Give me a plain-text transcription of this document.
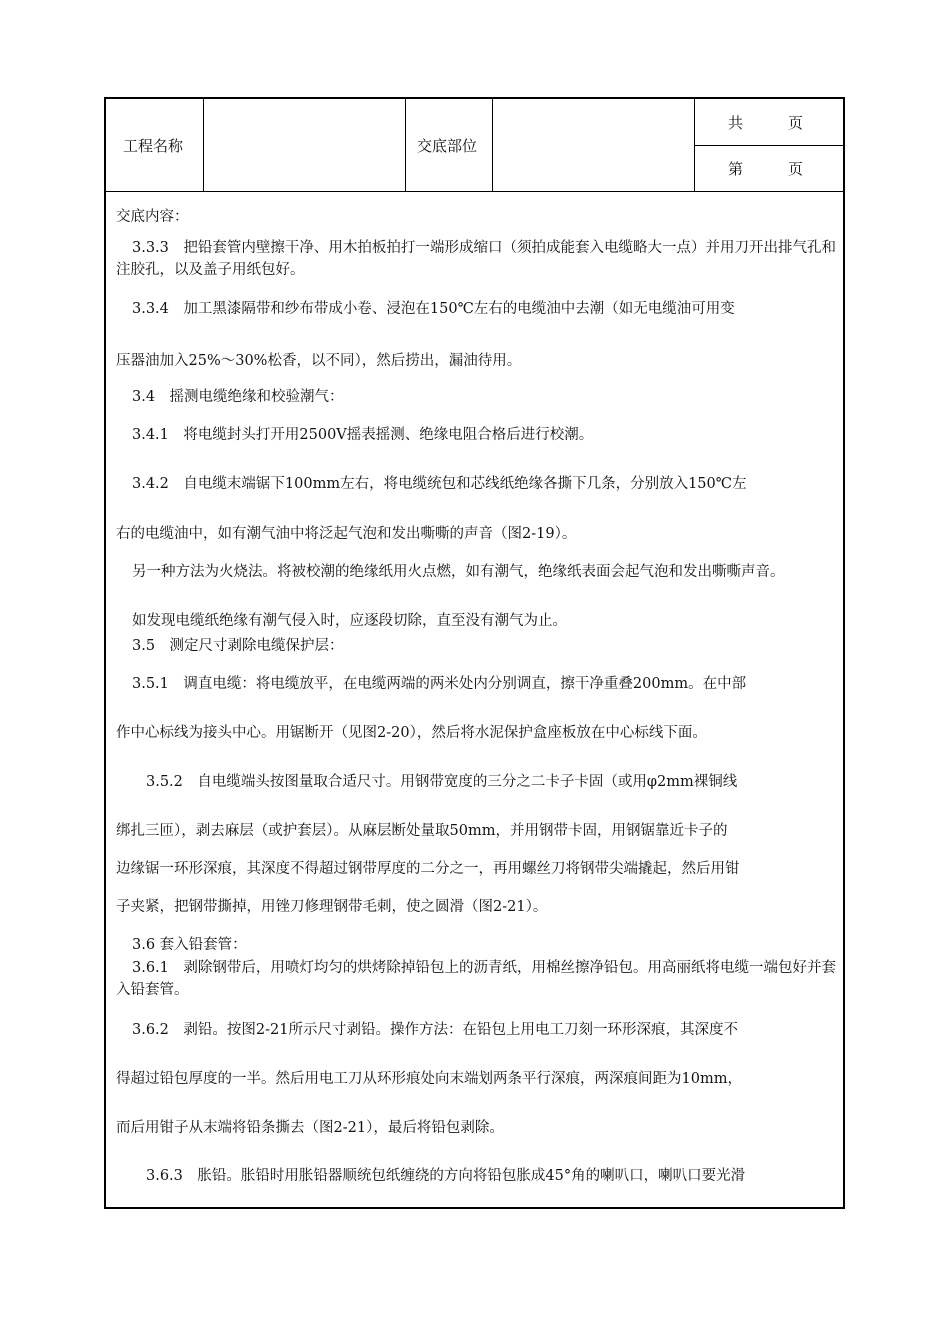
工程名称	交底部位
共　　　页
第　　　页

交底内容：

3.3.3　把铅套管内壁擦干净、用木拍板拍打一端形成缩口（须拍成能套入电缆略大一点）并用刀开出排气孔和注胶孔，以及盖子用纸包好。

3.3.4　加工黑漆隔带和纱布带成小卷、浸泡在150℃左右的电缆油中去潮（如无电缆油可用变

压器油加入25%～30%松香，以不同），然后捞出，漏油待用。

3.4　摇测电缆绝缘和校验潮气：

3.4.1　将电缆封头打开用2500V摇表摇测、绝缘电阻合格后进行校潮。

3.4.2　自电缆末端锯下100mm左右，将电缆统包和芯线纸绝缘各撕下几条，分别放入150℃左

右的电缆油中，如有潮气油中将泛起气泡和发出嘶嘶的声音（图2-19）。

另一种方法为火烧法。将被校潮的绝缘纸用火点燃，如有潮气，绝缘纸表面会起气泡和发出嘶嘶声音。

如发现电缆纸绝缘有潮气侵入时，应逐段切除，直至没有潮气为止。

3.5　测定尺寸剥除电缆保护层：

3.5.1　调直电缆：将电缆放平，在电缆两端的两米处内分别调直，擦干净重叠200mm。在中部

作中心标线为接头中心。用锯断开（见图2-20），然后将水泥保护盒座板放在中心标线下面。

3.5.2　自电缆端头按图量取合适尺寸。用钢带宽度的三分之二卡子卡固（或用φ2mm裸铜线

绑扎三匝），剥去麻层（或护套层）。从麻层断处量取50mm，并用钢带卡固，用钢锯靠近卡子的

边缘锯一环形深痕，其深度不得超过钢带厚度的二分之一，再用螺丝刀将钢带尖端撬起，然后用钳

子夹紧，把钢带撕掉，用锉刀修理钢带毛刺，使之圆滑（图2-21）。

3.6 套入铅套管：

3.6.1　剥除钢带后，用喷灯均匀的烘烤除掉铅包上的沥青纸，用棉丝擦净铅包。用高丽纸将电缆一端包好并套入铅套管。

3.6.2　剥铅。按图2-21所示尺寸剥铅。操作方法：在铅包上用电工刀刻一环形深痕，其深度不

得超过铅包厚度的一半。然后用电工刀从环形痕处向末端划两条平行深痕，两深痕间距为10mm，

而后用钳子从末端将铅条撕去（图2-21），最后将铅包剥除。

3.6.3　胀铅。胀铅时用胀铅器顺统包纸缠绕的方向将铅包胀成45°角的喇叭口，喇叭口要光滑
